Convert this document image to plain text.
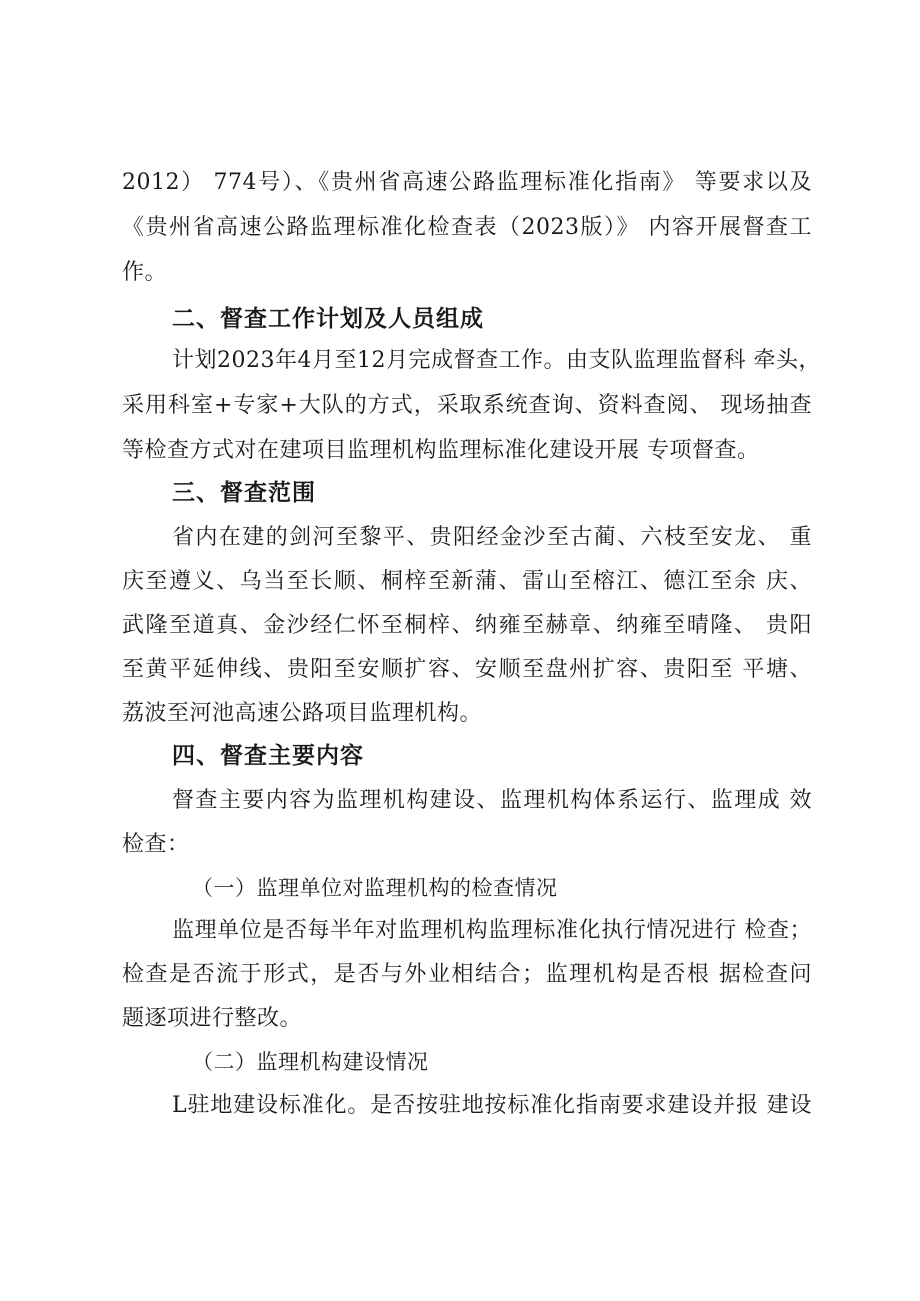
2012） 774号）、《贵州省高速公路监理标准化指南》 等要求以及
《贵州省高速公路监理标准化检查表（2023版）》 内容开展督查工
作。
二、督查工作计划及人员组成
计划2023年4月至12月完成督查工作。由支队监理监督科 牵头，
采用科室+专家+大队的方式，采取系统查询、资料查阅、 现场抽查
等检查方式对在建项目监理机构监理标准化建设开展 专项督查。
三、督查范围
省内在建的剑河至黎平、贵阳经金沙至古蔺、六枝至安龙、 重
庆至遵义、乌当至长顺、桐梓至新蒲、雷山至榕江、德江至余 庆、
武隆至道真、金沙经仁怀至桐梓、纳雍至赫章、纳雍至晴隆、 贵阳
至黄平延伸线、贵阳至安顺扩容、安顺至盘州扩容、贵阳至 平塘、
荔波至河池高速公路项目监理机构。
四、督查主要内容
督查主要内容为监理机构建设、监理机构体系运行、监理成 效
检查：
（一）监理单位对监理机构的检查情况
监理单位是否每半年对监理机构监理标准化执行情况进行 检查；
检查是否流于形式，是否与外业相结合；监理机构是否根 据检查问
题逐项进行整改。
（二）监理机构建设情况
L驻地建设标准化。是否按驻地按标准化指南要求建设并报 建设
